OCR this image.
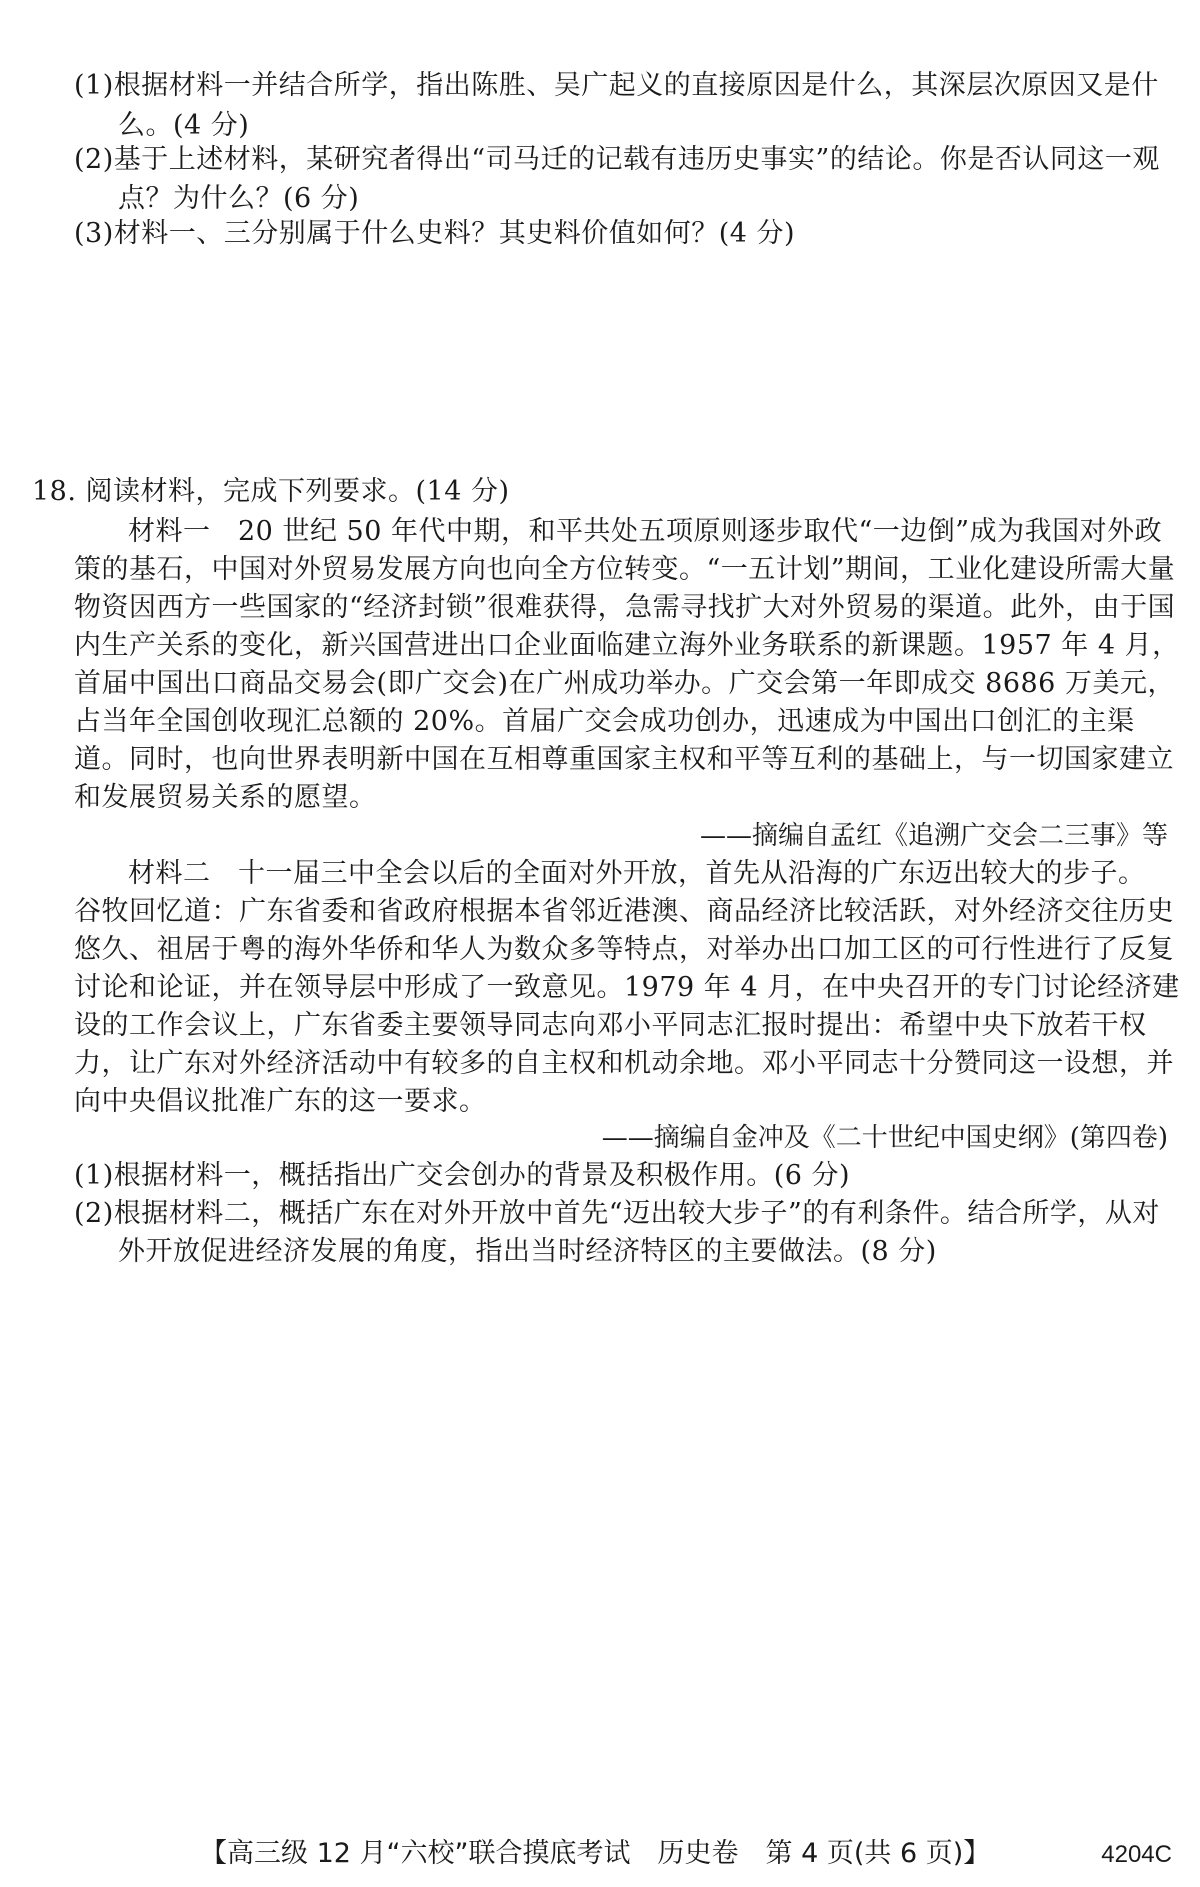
(1)根据材料一并结合所学，指出陈胜、吴广起义的直接原因是什么，其深层次原因又是什
么。(4 分)
(2)基于上述材料，某研究者得出“司马迁的记载有违历史事实”的结论。你是否认同这一观
点？为什么？(6 分)
(3)材料一、三分别属于什么史料？其史料价值如何？(4 分)
18. 阅读材料，完成下列要求。(14 分)
材料一　20 世纪 50 年代中期，和平共处五项原则逐步取代“一边倒”成为我国对外政
策的基石，中国对外贸易发展方向也向全方位转变。“一五计划”期间，工业化建设所需大量
物资因西方一些国家的“经济封锁”很难获得，急需寻找扩大对外贸易的渠道。此外，由于国
内生产关系的变化，新兴国营进出口企业面临建立海外业务联系的新课题。1957 年 4 月，
首届中国出口商品交易会(即广交会)在广州成功举办。广交会第一年即成交 8686 万美元，
占当年全国创收现汇总额的 20%。首届广交会成功创办，迅速成为中国出口创汇的主渠
道。同时，也向世界表明新中国在互相尊重国家主权和平等互利的基础上，与一切国家建立
和发展贸易关系的愿望。
——摘编自孟红《追溯广交会二三事》等
材料二　十一届三中全会以后的全面对外开放，首先从沿海的广东迈出较大的步子。
谷牧回忆道：广东省委和省政府根据本省邻近港澳、商品经济比较活跃，对外经济交往历史
悠久、祖居于粤的海外华侨和华人为数众多等特点，对举办出口加工区的可行性进行了反复
讨论和论证，并在领导层中形成了一致意见。1979 年 4 月，在中央召开的专门讨论经济建
设的工作会议上，广东省委主要领导同志向邓小平同志汇报时提出：希望中央下放若干权
力，让广东对外经济活动中有较多的自主权和机动余地。邓小平同志十分赞同这一设想，并
向中央倡议批准广东的这一要求。
——摘编自金冲及《二十世纪中国史纲》(第四卷)
(1)根据材料一，概括指出广交会创办的背景及积极作用。(6 分)
(2)根据材料二，概括广东在对外开放中首先“迈出较大步子”的有利条件。结合所学，从对
外开放促进经济发展的角度，指出当时经济特区的主要做法。(8 分)
【高三级 12 月“六校”联合摸底考试　历史卷　第 4 页(共 6 页)】	4204C
